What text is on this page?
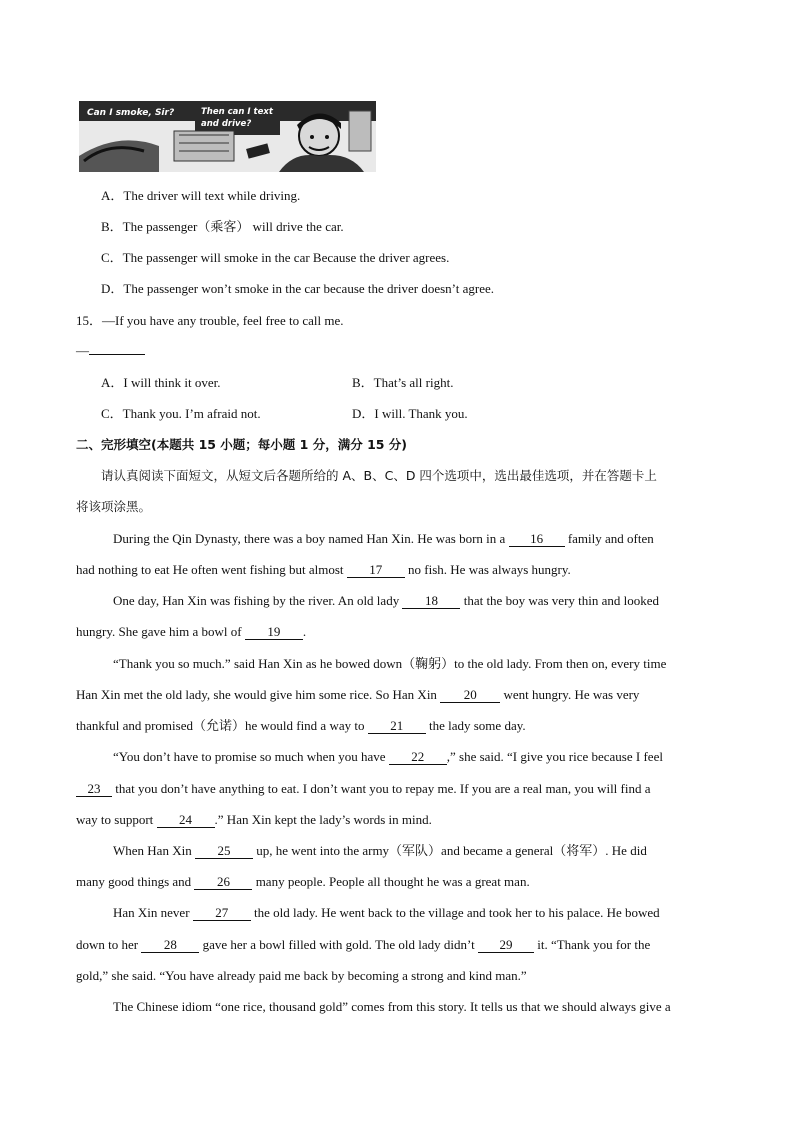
Can I smoke, Sir?	Then can I text
and drive?
A．The driver will text while driving.
B．The passenger（乘客） will drive the car.
C．The passenger will smoke in the car Because the driver agrees.
D．The passenger won’t smoke in the car because the driver doesn’t agree.
15．—If you have any trouble, feel free to call me.
—
A．I will think it over.	B．That’s all right.
C．Thank you. I’m afraid not.	D．I will. Thank you.
二、完形填空(本题共 15 小题；每小题 1 分，满分 15 分)
请认真阅读下面短文，从短文后各题所给的 A、B、C、D 四个选项中，选出最佳选项，并在答题卡上
将该项涂黑。
During the Qin Dynasty, there was a boy named Han Xin. He was born in a 16 family and often
had nothing to eat He often went fishing but almost 17 no fish. He was always hungry.
One day, Han Xin was fishing by the river. An old lady 18 that the boy was very thin and looked
hungry. She gave him a bowl of 19 .
“Thank you so much.” said Han Xin as he bowed down（鞠躬）to the old lady. From then on, every time
Han Xin met the old lady, she would give him some rice. So Han Xin 20 went hungry. He was very
thankful and promised（允诺）he would find a way to 21 the lady some day.
“You don’t have to promise so much when you have 22 ,” she said. “I give you rice because I feel
23 that you don’t have anything to eat. I don’t want you to repay me. If you are a real man, you will find a
way to support 24 .” Han Xin kept the lady’s words in mind.
When Han Xin 25 up, he went into the army（军队）and became a general（将军）. He did
many good things and 26 many people. People all thought he was a great man.
Han Xin never 27 the old lady. He went back to the village and took her to his palace. He bowed
down to her 28 gave her a bowl filled with gold. The old lady didn’t 29 it. “Thank you for the
gold,” she said. “You have already paid me back by becoming a strong and kind man.”
The Chinese idiom “one rice, thousand gold” comes from this story. It tells us that we should always give a
